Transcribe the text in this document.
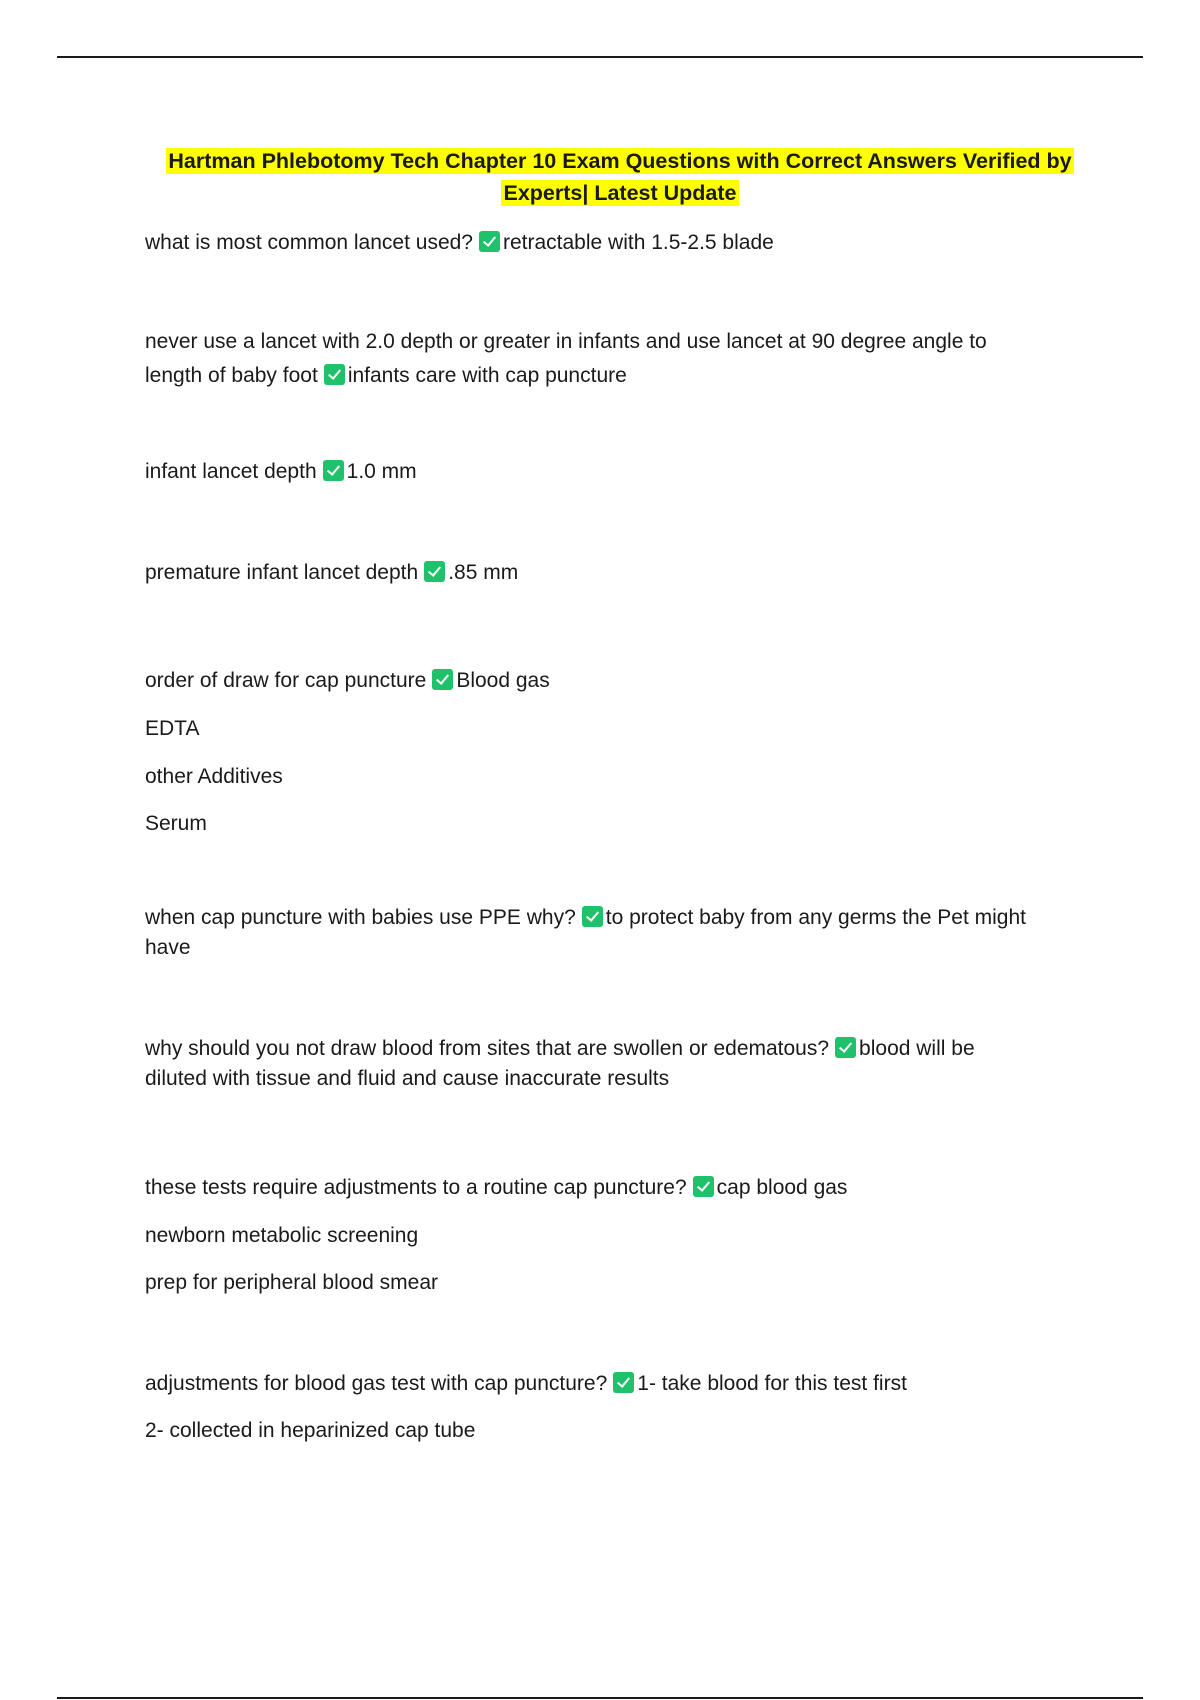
Hartman Phlebotomy Tech Chapter 10 Exam Questions with Correct Answers Verified by
Experts| Latest Update
what is most common lancet used? retractable with 1.5-2.5 blade
never use a lancet with 2.0 depth or greater in infants and use lancet at 90 degree angle to
length of baby foot infants care with cap puncture
infant lancet depth 1.0 mm
premature infant lancet depth .85 mm
order of draw for cap puncture Blood gas
EDTA
other Additives
Serum
when cap puncture with babies use PPE why? to protect baby from any germs the Pet might
have
why should you not draw blood from sites that are swollen or edematous? blood will be
diluted with tissue and fluid and cause inaccurate results
these tests require adjustments to a routine cap puncture? cap blood gas
newborn metabolic screening
prep for peripheral blood smear
adjustments for blood gas test with cap puncture? 1- take blood for this test first
2- collected in heparinized cap tube
